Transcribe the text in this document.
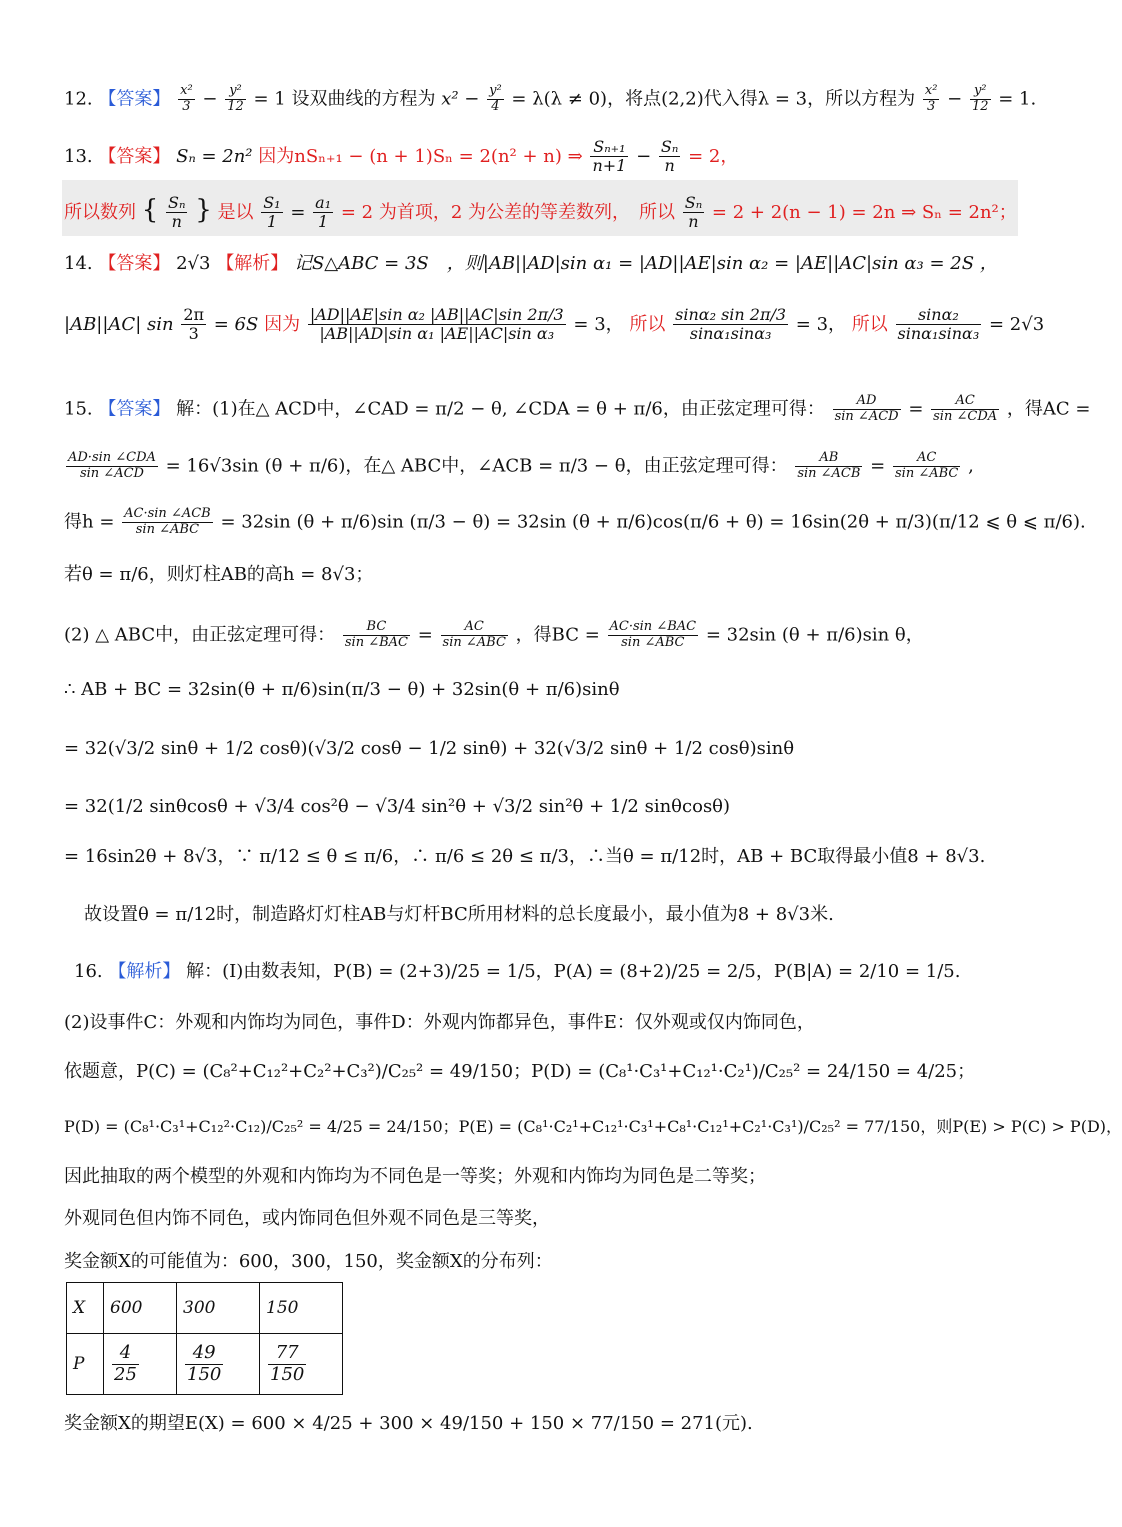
12. 【答案】 $\frac{\text{x²}}{3} - \frac{\text{y²}}{12} = 1$ 设双曲线的方程为 $x^2 - \frac{\text{y²}}{4} = \lambda(\lambda \ne 0)$，将点(2,2)代入得λ = 3，所以方程为 $\frac{\text{x²}}{3} - \frac{\text{y²}}{12} = 1$.
13. 【答案】 Sₙ = 2n² 因为nSₙ₊₁ − (n + 1)Sₙ = 2(n² + n) ⇒ $\frac{\text{Sₙ₊₁}}{n+1} - \frac{\text{Sₙ}}{n} = 2$，
所以数列 { $\frac{\text{Sₙ}}{n}$ } 是以 $\frac{\text{S₁}}{1} = \frac{\text{a₁}}{1} = 2$ 为首项，2 为公差的等差数列，　所以 $\frac{\text{Sₙ}}{n} = 2 + 2(n - 1) = 2n$ ⇒ Sₙ = 2n²；
14. 【答案】 2√3 【解析】 记S△ABC = 3S　，则|AB||AD|sin α₁ = |AD||AE|sin α₂ = |AE||AC|sin α₃ = 2S ，
|AB||AC| $\sin \frac{2\pi}{3} = 6S$ 因为 $\frac{\text{|AD||AE|sin α₂ |AB||AC|sin 2π/3}}{\text{|AB||AD|sin α₁ |AE||AC|sin α₃}} = 3$， 所以 $\frac{\text{sinα₂ sin 2π/3}}{\text{sinα₁sinα₃}} = 3$， 所以 $\frac{\text{sinα₂}}{\text{sinα₁sinα₃}} = 2√3$
15. 【答案】 解：(1)在△ ACD中，∠CAD = π/2 − θ, ∠CDA = θ + π/6，由正弦定理可得： $\frac{AD}{\text{sin ∠ACD}} = \frac{AC}{\text{sin ∠CDA}}$ ，得AC =
$\frac{\text{AD·sin ∠CDA}}{\text{sin ∠ACD}} = 16√3\sin$ (θ + π/6)，在△ ABC中，∠ACB = π/3 − θ，由正弦定理可得： $\frac{AB}{\text{sin ∠ACB}} = \frac{AC}{\text{sin ∠ABC}}$ ,
得$h = \frac{\text{AC·sin ∠ACB}}{\text{sin ∠ABC}} = 32\sin$ (θ + π/6)sin (π/3 − θ) = 32sin (θ + π/6)cos(π/6 + θ) = 16sin(2θ + π/3)(π/12 ⩽ θ ⩽ π/6).
若θ = π/6，则灯柱AB的高h = 8√3；
(2) △ ABC中，由正弦定理可得： $\frac{BC}{\text{sin ∠BAC}} = \frac{AC}{\text{sin ∠ABC}}$ ，得BC = $\frac{\text{AC·sin ∠BAC}}{\text{sin ∠ABC}} = 32\sin$ (θ + π/6)sin θ，
∴ AB + BC = 32sin(θ + π/6)sin(π/3 − θ) + 32sin(θ + π/6)sinθ
= 32(√3/2 sinθ + 1/2 cosθ)(√3/2 cosθ − 1/2 sinθ) + 32(√3/2 sinθ + 1/2 cosθ)sinθ
= 32(1/2 sinθcosθ + √3/4 cos²θ − √3/4 sin²θ + √3/2 sin²θ + 1/2 sinθcosθ)
= 16sin2θ + 8√3，∵ π/12 ≤ θ ≤ π/6，∴ π/6 ≤ 2θ ≤ π/3，∴当θ = π/12时，AB + BC取得最小值8 + 8√3.
故设置θ = π/12时，制造路灯灯柱AB与灯杆BC所用材料的总长度最小，最小值为8 + 8√3米.
16. 【解析】 解：(I)由数表知，P(B) = (2+3)/25 = 1/5，P(A) = (8+2)/25 = 2/5，P(B|A) = 2/10 = 1/5.
(2)设事件C：外观和内饰均为同色，事件D：外观内饰都异色，事件E：仅外观或仅内饰同色，
依题意，P(C) = (C₈²+C₁₂²+C₂²+C₃²)/C₂₅² = 49/150；P(D) = (C₈¹·C₃¹+C₁₂¹·C₂¹)/C₂₅² = 24/150 = 4/25；
P(D) = (C₈¹·C₃¹+C₁₂²·C₁₂)/C₂₅² = 4/25 = 24/150；P(E) = (C₈¹·C₂¹+C₁₂¹·C₃¹+C₈¹·C₁₂¹+C₂¹·C₃¹)/C₂₅² = 77/150，则P(E) > P(C) > P(D)，
因此抽取的两个模型的外观和内饰均为不同色是一等奖；外观和内饰均为同色是二等奖；
外观同色但内饰不同色，或内饰同色但外观不同色是三等奖，
奖金额X的可能值为：600，300，150，奖金额X的分布列：
X	600	300	150
P	$\frac{4}{25}$	$\frac{49}{150}$	$\frac{77}{150}$
奖金额X的期望E(X) = 600 × 4/25 + 300 × 49/150 + 150 × 77/150 = 271(元).
